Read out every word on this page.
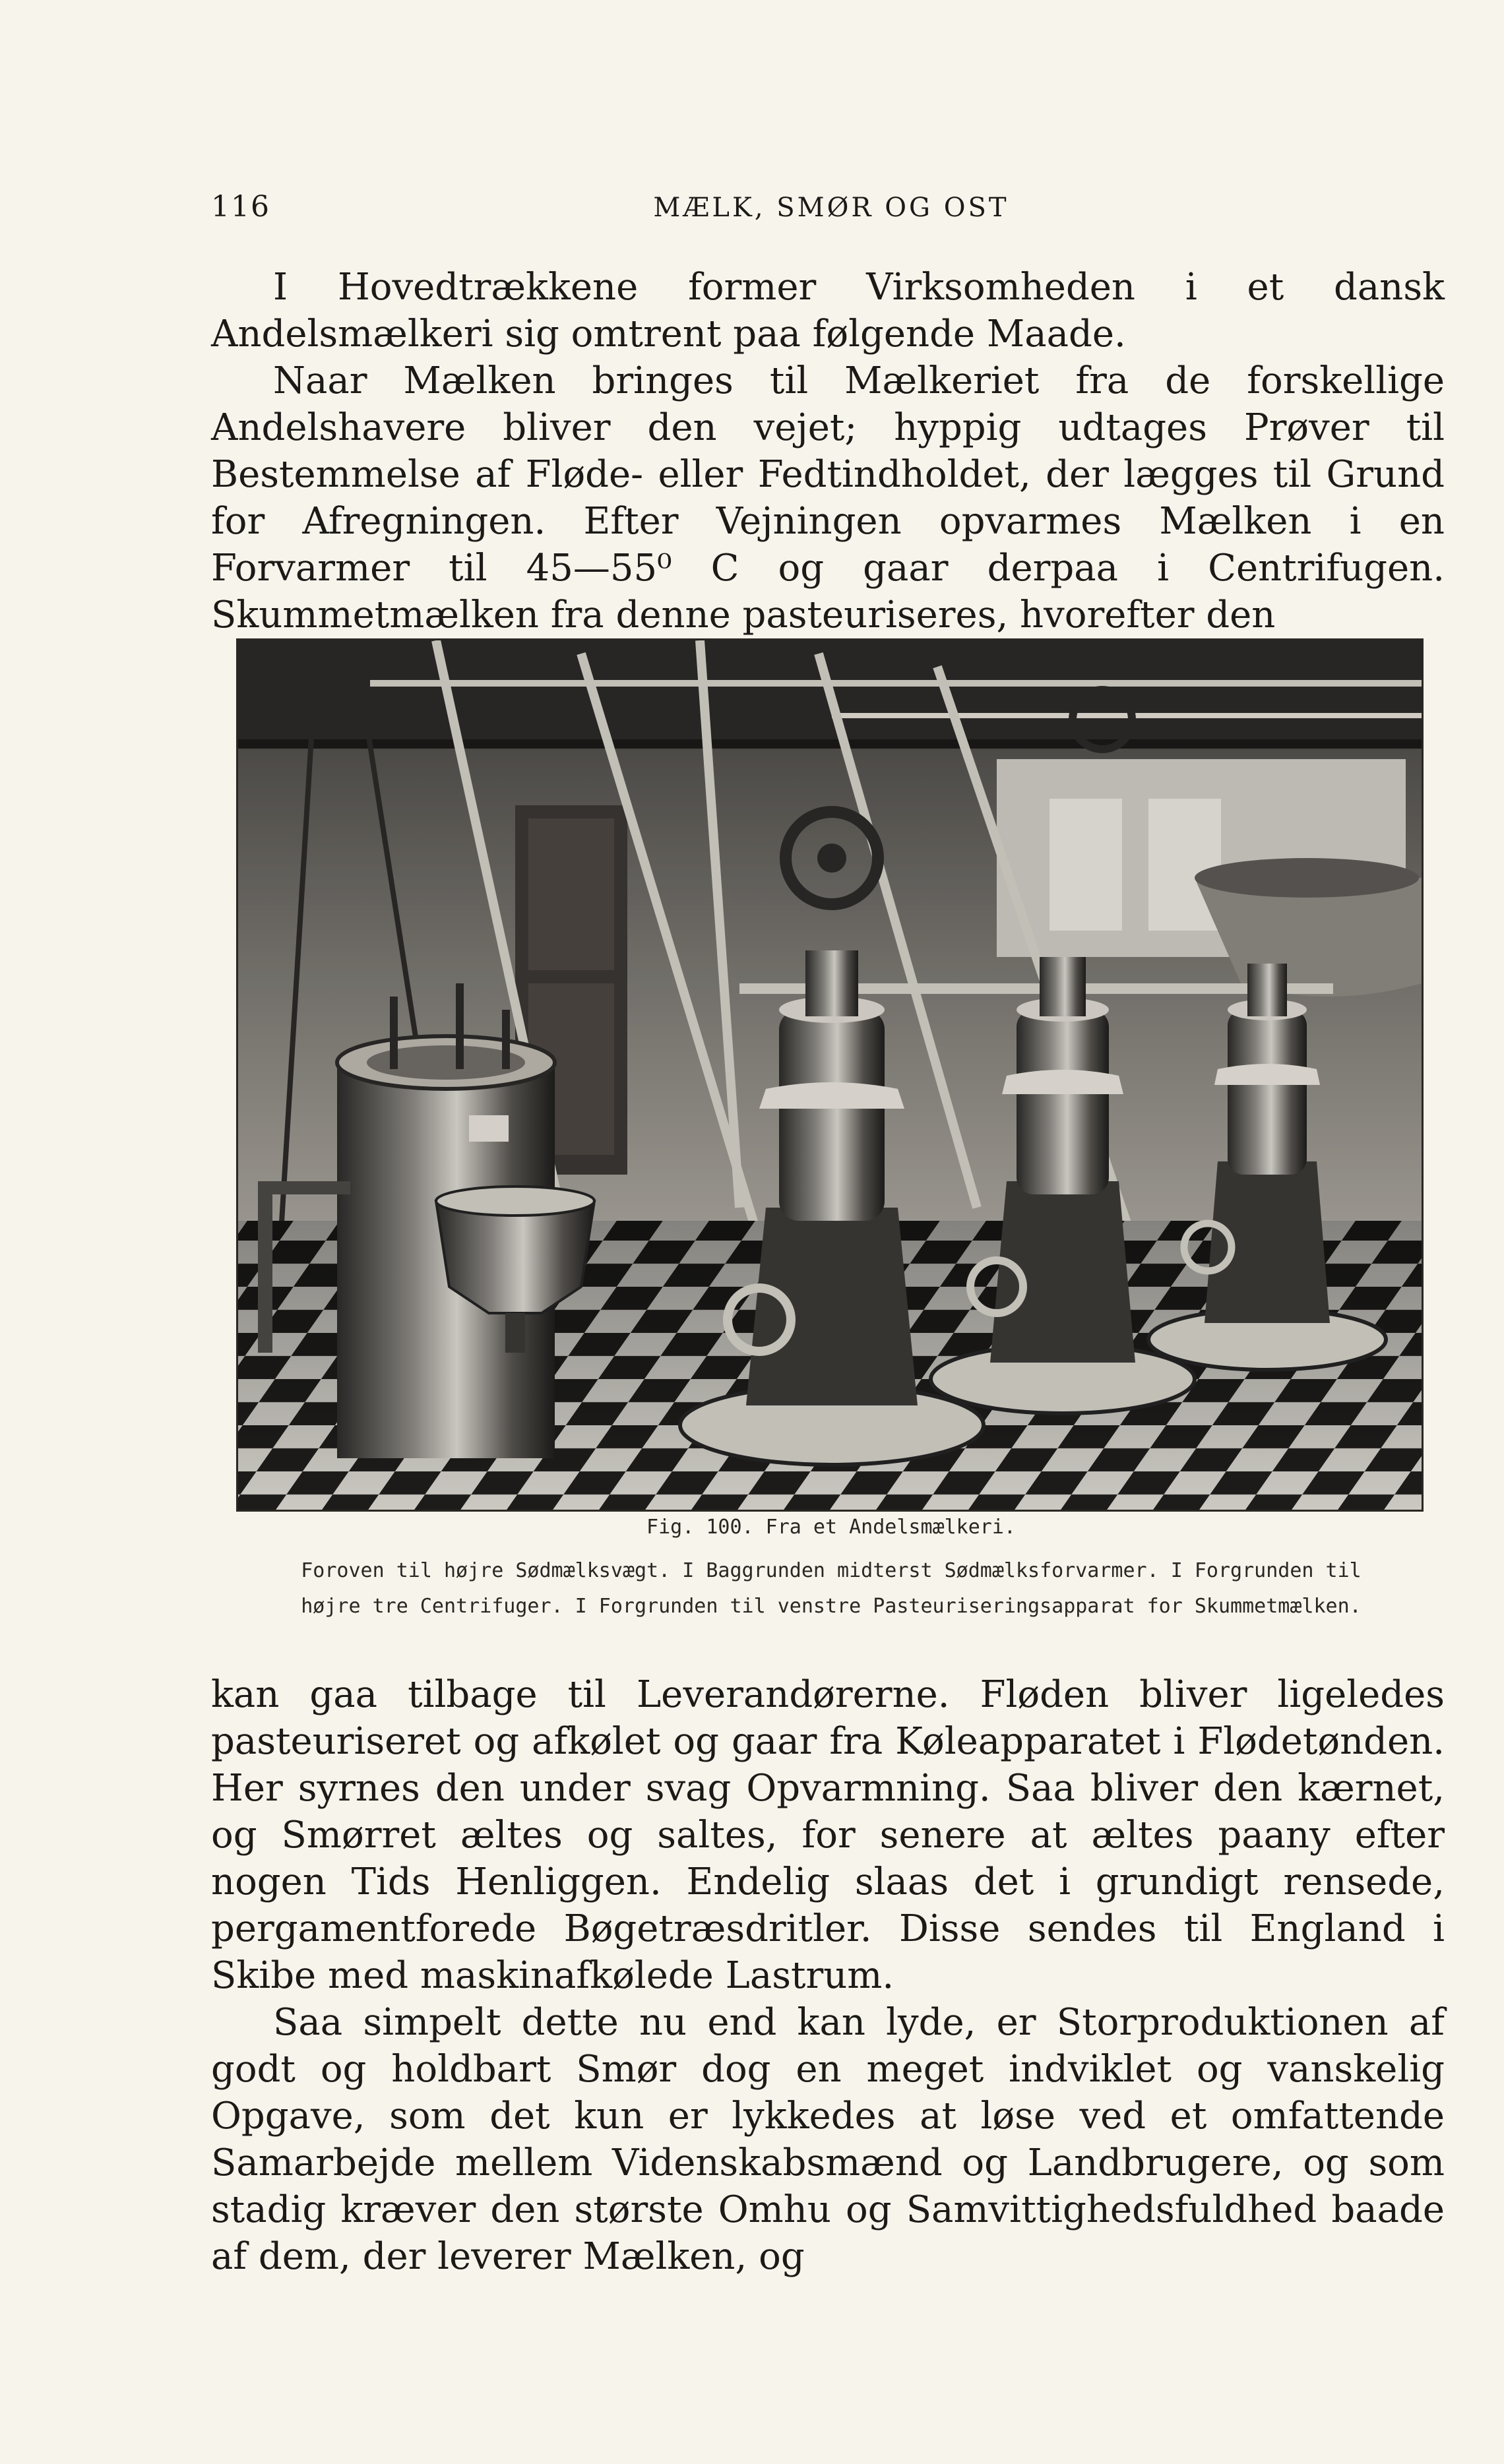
116	MÆLK, SMØR OG OST

I Hovedtrækkene former Virksomheden i et dansk Andelsmælkeri sig omtrent paa følgende Maade.

Naar Mælken bringes til Mælkeriet fra de forskellige Andelshavere bliver den vejet; hyppig udtages Prøver til Bestemmelse af Fløde- eller Fedtindholdet, der lægges til Grund for Afregningen. Efter Vejningen opvarmes Mælken i en Forvarmer til 45—55⁰ C og gaar derpaa i Centrifugen. Skummetmælken fra denne pasteuriseres, hvorefter den

Fig. 100. Fra et Andelsmælkeri.
Foroven til højre Sødmælksvægt. I Baggrunden midterst Sødmælksforvarmer. I Forgrunden til
højre tre Centrifuger. I Forgrunden til venstre Pasteuriseringsapparat for Skummetmælken.

kan gaa tilbage til Leverandørerne. Fløden bliver ligeledes pasteuriseret og afkølet og gaar fra Køleapparatet i Flødetønden. Her syrnes den under svag Opvarmning. Saa bliver den kærnet, og Smørret æltes og saltes, for senere at æltes paany efter nogen Tids Henliggen. Endelig slaas det i grundigt rensede, pergamentforede Bøgetræsdritler. Disse sendes til England i Skibe med maskinafkølede Lastrum.

Saa simpelt dette nu end kan lyde, er Storproduktionen af godt og holdbart Smør dog en meget indviklet og vanskelig Opgave, som det kun er lykkedes at løse ved et omfattende Samarbejde mellem Videnskabsmænd og Landbrugere, og som stadig kræver den største Omhu og Samvittighedsfuldhed baade af dem, der leverer Mælken, og
